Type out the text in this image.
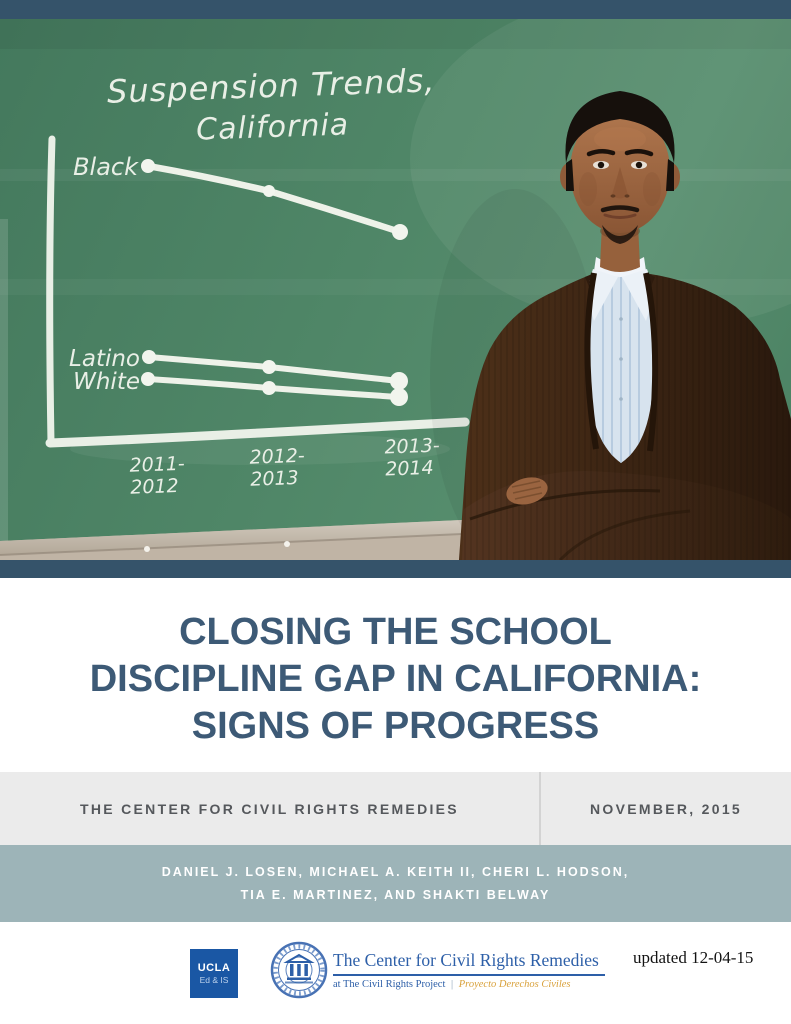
Suspension Trends,
California
Black
Latino
White
2011-
2012
2012-
2013
2013-
2014
CLOSING THE SCHOOL
DISCIPLINE GAP IN CALIFORNIA:
SIGNS OF PROGRESS
THE CENTER FOR CIVIL RIGHTS REMEDIES	NOVEMBER, 2015
DANIEL J. LOSEN, MICHAEL A. KEITH II, CHERI L. HODSON,
TIA E. MARTINEZ, AND SHAKTI BELWAY
UCLA
Ed & IS
The Center for Civil Rights Remedies
at The Civil Rights Project | Proyecto Derechos Civiles
updated 12-04-15
